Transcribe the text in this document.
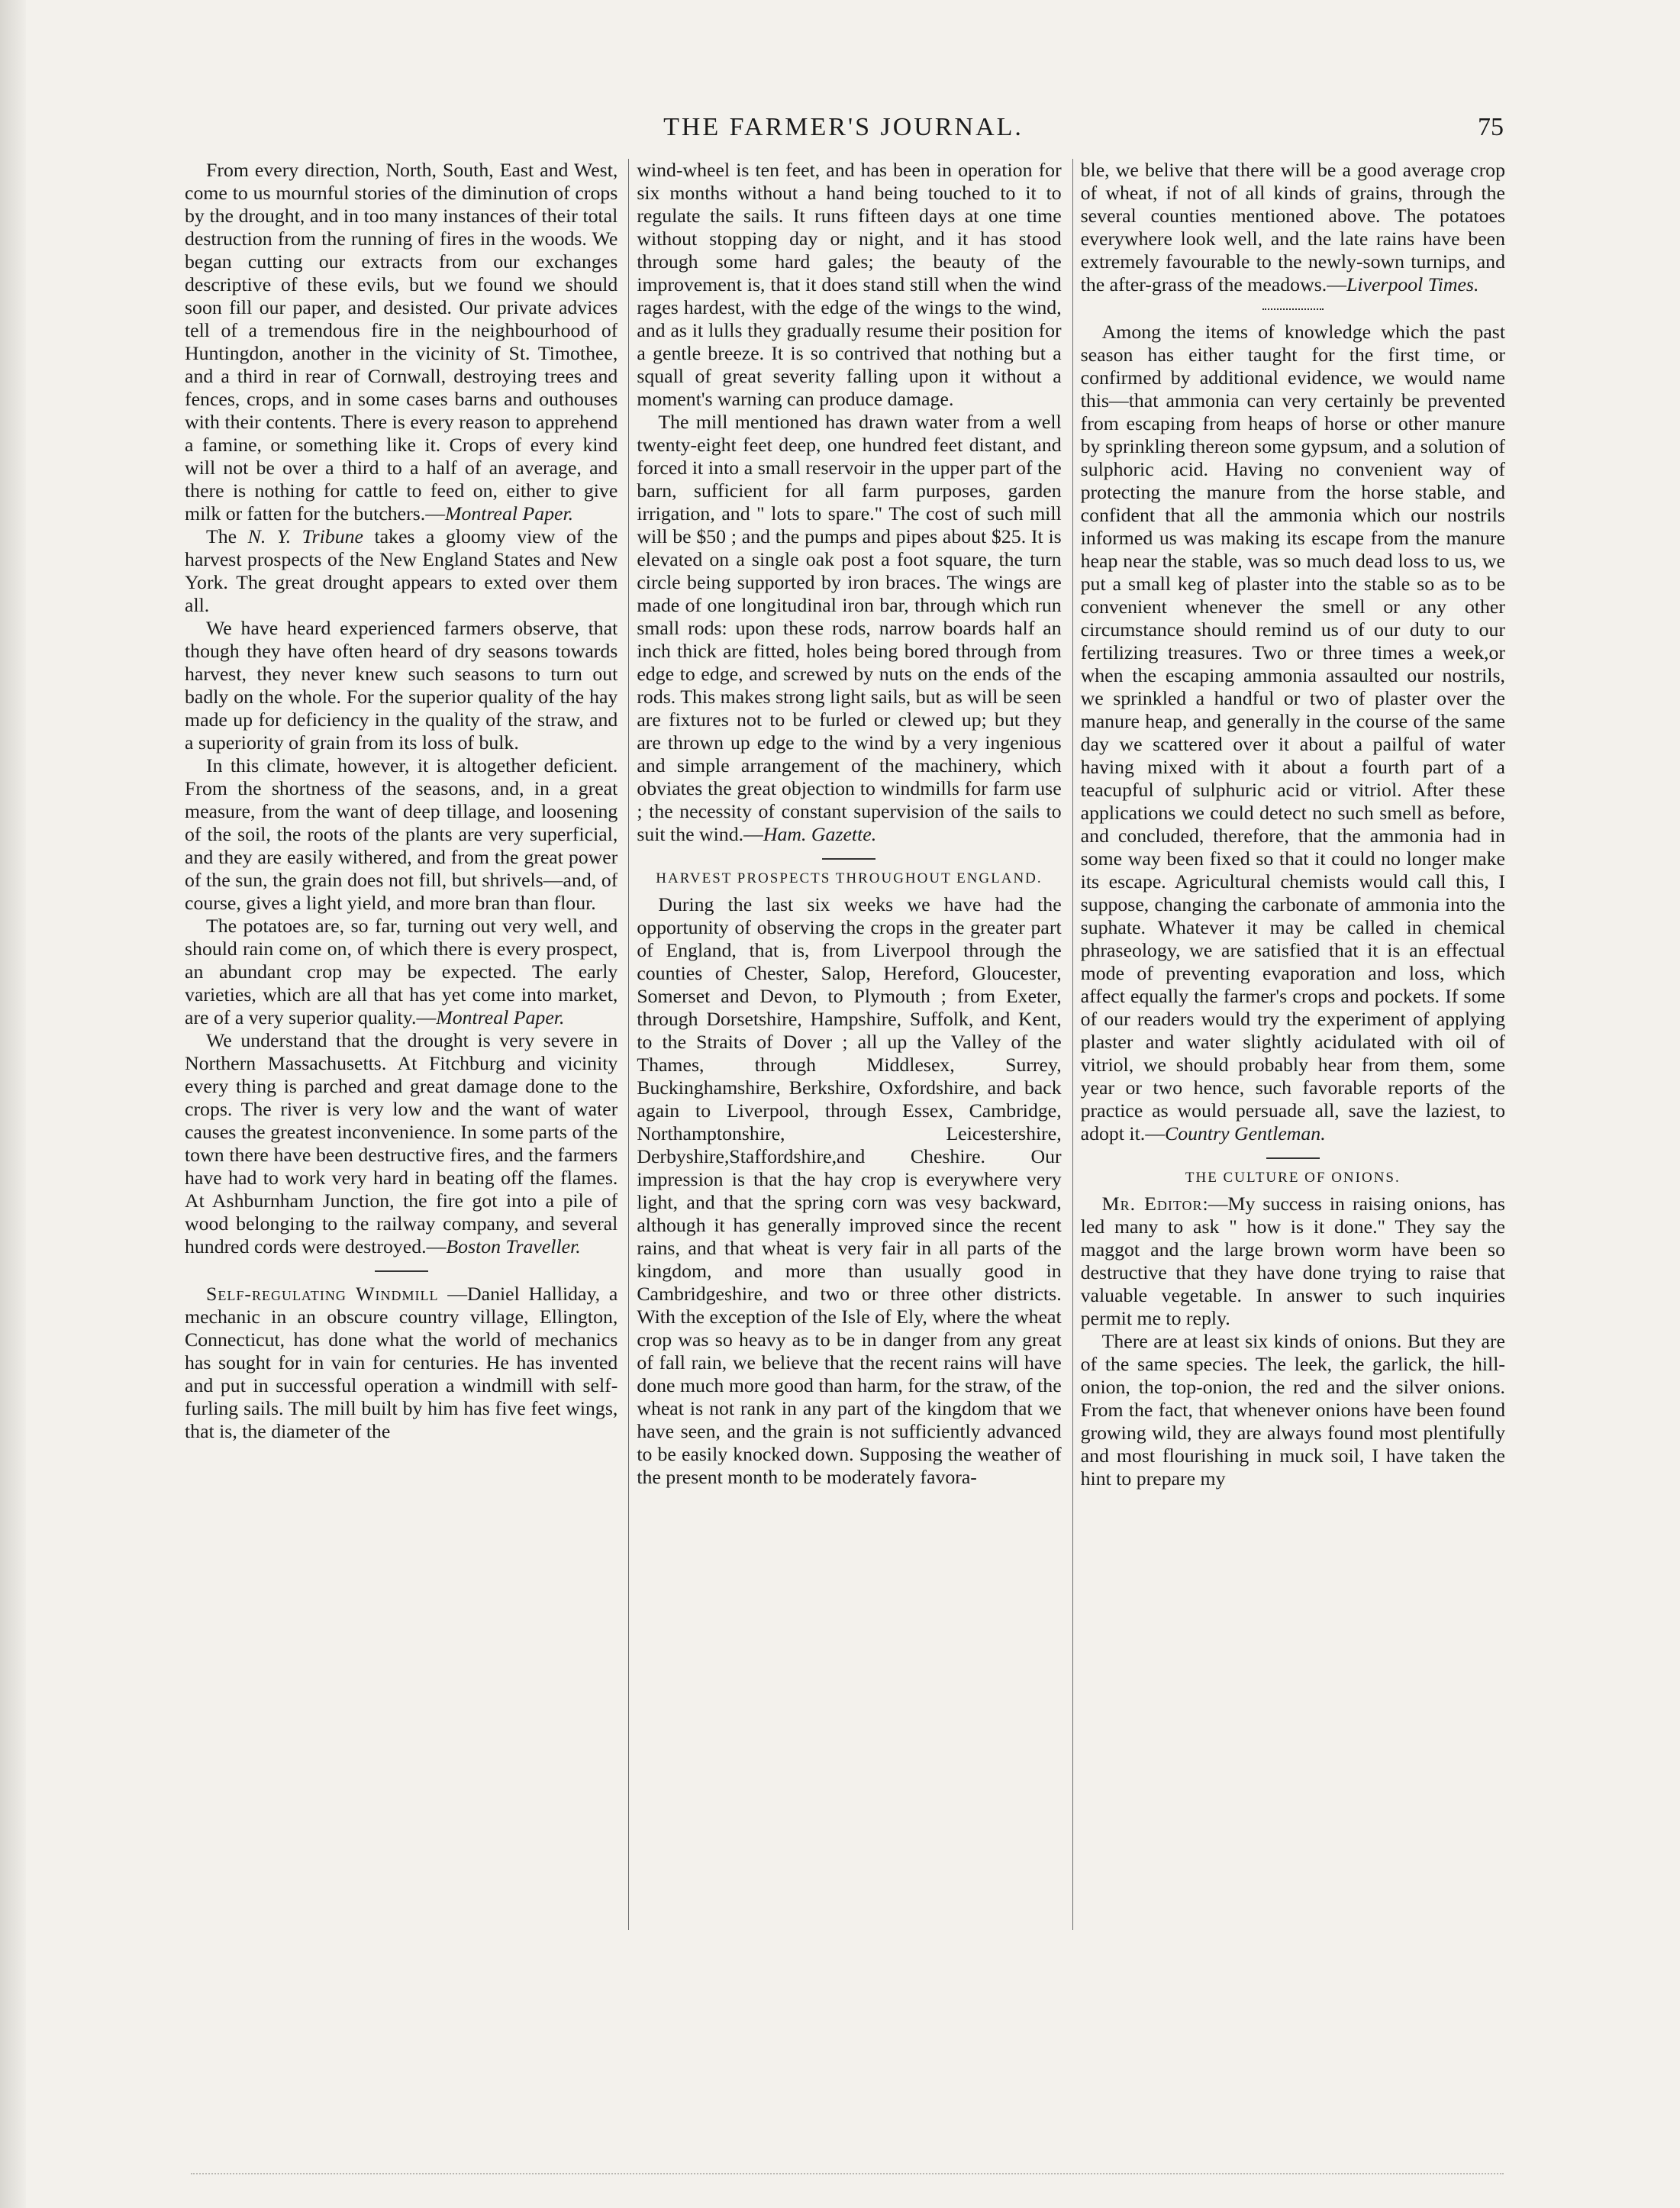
THE FARMER'S JOURNAL.	75

From every direction, North, South, East and West, come to us mournful stories of the diminution of crops by the drought, and in too many instances of their total destruction from the running of fires in the woods. We began cutting our extracts from our exchanges descriptive of these evils, but we found we should soon fill our paper, and desisted. Our private advices tell of a tremendous fire in the neighbourhood of Huntingdon, another in the vicinity of St. Timothee, and a third in rear of Cornwall, destroying trees and fences, crops, and in some cases barns and outhouses with their contents. There is every reason to apprehend a famine, or something like it. Crops of every kind will not be over a third to a half of an average, and there is nothing for cattle to feed on, either to give milk or fatten for the butchers.—Montreal Paper.

The N. Y. Tribune takes a gloomy view of the harvest prospects of the New England States and New York. The great drought appears to exted over them all.

We have heard experienced farmers observe, that though they have often heard of dry seasons towards harvest, they never knew such seasons to turn out badly on the whole. For the superior quality of the hay made up for deficiency in the quality of the straw, and a superiority of grain from its loss of bulk.

In this climate, however, it is altogether deficient. From the shortness of the seasons, and, in a great measure, from the want of deep tillage, and loosening of the soil, the roots of the plants are very superficial, and they are easily withered, and from the great power of the sun, the grain does not fill, but shrivels—and, of course, gives a light yield, and more bran than flour.

The potatoes are, so far, turning out very well, and should rain come on, of which there is every prospect, an abundant crop may be expected. The early varieties, which are all that has yet come into market, are of a very superior quality.—Montreal Paper.

We understand that the drought is very severe in Northern Massachusetts. At Fitchburg and vicinity every thing is parched and great damage done to the crops. The river is very low and the want of water causes the greatest inconvenience. In some parts of the town there have been destructive fires, and the farmers have had to work very hard in beating off the flames. At Ashburnham Junction, the fire got into a pile of wood belonging to the railway company, and several hundred cords were destroyed.—Boston Traveller.

Self-regulating Windmill —Daniel Halliday, a mechanic in an obscure country village, Ellington, Connecticut, has done what the world of mechanics has sought for in vain for centuries. He has invented and put in successful operation a windmill with self-furling sails. The mill built by him has five feet wings, that is, the diameter of the

wind-wheel is ten feet, and has been in operation for six months without a hand being touched to it to regulate the sails. It runs fifteen days at one time without stopping day or night, and it has stood through some hard gales; the beauty of the improvement is, that it does stand still when the wind rages hardest, with the edge of the wings to the wind, and as it lulls they gradually resume their position for a gentle breeze. It is so contrived that nothing but a squall of great severity falling upon it without a moment's warning can produce damage.

The mill mentioned has drawn water from a well twenty-eight feet deep, one hundred feet distant, and forced it into a small reservoir in the upper part of the barn, sufficient for all farm purposes, garden irrigation, and " lots to spare." The cost of such mill will be $50 ; and the pumps and pipes about $25. It is elevated on a single oak post a foot square, the turn circle being supported by iron braces. The wings are made of one longitudinal iron bar, through which run small rods: upon these rods, narrow boards half an inch thick are fitted, holes being bored through from edge to edge, and screwed by nuts on the ends of the rods. This makes strong light sails, but as will be seen are fixtures not to be furled or clewed up; but they are thrown up edge to the wind by a very ingenious and simple arrangement of the machinery, which obviates the great objection to windmills for farm use ; the necessity of constant supervision of the sails to suit the wind.—Ham. Gazette.

HARVEST PROSPECTS THROUGHOUT ENGLAND.

During the last six weeks we have had the opportunity of observing the crops in the greater part of England, that is, from Liverpool through the counties of Chester, Salop, Hereford, Gloucester, Somerset and Devon, to Plymouth ; from Exeter, through Dorsetshire, Hampshire, Suffolk, and Kent, to the Straits of Dover ; all up the Valley of the Thames, through Middlesex, Surrey, Buckinghamshire, Berkshire, Oxfordshire, and back again to Liverpool, through Essex, Cambridge, Northamptonshire, Leicestershire, Derbyshire,Staffordshire,and Cheshire. Our impression is that the hay crop is everywhere very light, and that the spring corn was vesy backward, although it has generally improved since the recent rains, and that wheat is very fair in all parts of the kingdom, and more than usually good in Cambridgeshire, and two or three other districts. With the exception of the Isle of Ely, where the wheat crop was so heavy as to be in danger from any great of fall rain, we believe that the recent rains will have done much more good than harm, for the straw, of the wheat is not rank in any part of the kingdom that we have seen, and the grain is not sufficiently advanced to be easily knocked down. Supposing the weather of the present month to be moderately favora-

ble, we belive that there will be a good average crop of wheat, if not of all kinds of grains, through the several counties mentioned above. The potatoes everywhere look well, and the late rains have been extremely favourable to the newly-sown turnips, and the after-grass of the meadows.—Liverpool Times.

Among the items of knowledge which the past season has either taught for the first time, or confirmed by additional evidence, we would name this—that ammonia can very certainly be prevented from escaping from heaps of horse or other manure by sprinkling thereon some gypsum, and a solution of sulphoric acid. Having no convenient way of protecting the manure from the horse stable, and confident that all the ammonia which our nostrils informed us was making its escape from the manure heap near the stable, was so much dead loss to us, we put a small keg of plaster into the stable so as to be convenient whenever the smell or any other circumstance should remind us of our duty to our fertilizing treasures. Two or three times a week,or when the escaping ammonia assaulted our nostrils, we sprinkled a handful or two of plaster over the manure heap, and generally in the course of the same day we scattered over it about a pailful of water having mixed with it about a fourth part of a teacupful of sulphuric acid or vitriol. After these applications we could detect no such smell as before, and concluded, therefore, that the ammonia had in some way been fixed so that it could no longer make its escape. Agricultural chemists would call this, I suppose, changing the carbonate of ammonia into the suphate. Whatever it may be called in chemical phraseology, we are satisfied that it is an effectual mode of preventing evaporation and loss, which affect equally the farmer's crops and pockets. If some of our readers would try the experiment of applying plaster and water slightly acidulated with oil of vitriol, we should probably hear from them, some year or two hence, such favorable reports of the practice as would persuade all, save the laziest, to adopt it.—Country Gentleman.

THE CULTURE OF ONIONS.

Mr. Editor:—My success in raising onions, has led many to ask " how is it done." They say the maggot and the large brown worm have been so destructive that they have done trying to raise that valuable vegetable. In answer to such inquiries permit me to reply.

There are at least six kinds of onions. But they are of the same species. The leek, the garlick, the hill-onion, the top-onion, the red and the silver onions. From the fact, that whenever onions have been found growing wild, they are always found most plentifully and most flourishing in muck soil, I have taken the hint to prepare my
